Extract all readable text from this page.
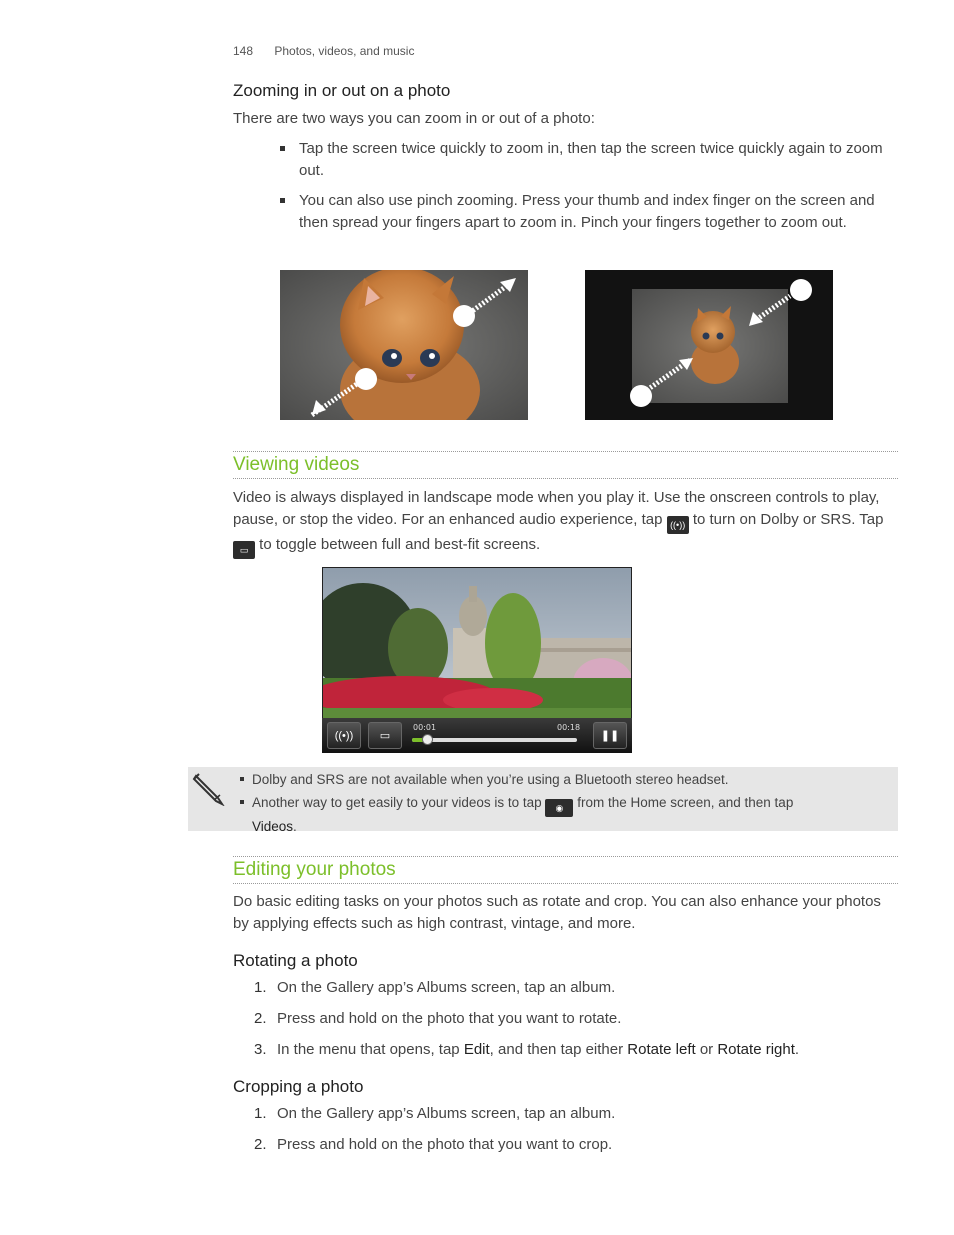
148 Photos, videos, and music
Zooming in or out on a photo
There are two ways you can zoom in or out of a photo:
Tap the screen twice quickly to zoom in, then tap the screen twice quickly again to zoom out.
You can also use pinch zooming. Press your thumb and index finger on the screen and then spread your fingers apart to zoom in. Pinch your fingers together to zoom out.
Viewing videos
Video is always displayed in landscape mode when you play it. Use the onscreen controls to play, pause, or stop the video. For an enhanced audio experience, tap ((•)) to turn on Dolby or SRS. Tap ▭ to toggle between full and best-fit screens.
((•))	▭
00:01	00:18
❚❚
Dolby and SRS are not available when you’re using a Bluetooth stereo headset.
Another way to get easily to your videos is to tap ◉ from the Home screen, and then tap
Videos.
Editing your photos
Do basic editing tasks on your photos such as rotate and crop. You can also enhance your photos by applying effects such as high contrast, vintage, and more.
Rotating a photo
1. On the Gallery app’s Albums screen, tap an album.
2. Press and hold on the photo that you want to rotate.
3. In the menu that opens, tap Edit, and then tap either Rotate left or Rotate right.
Cropping a photo
1. On the Gallery app’s Albums screen, tap an album.
2. Press and hold on the photo that you want to crop.
